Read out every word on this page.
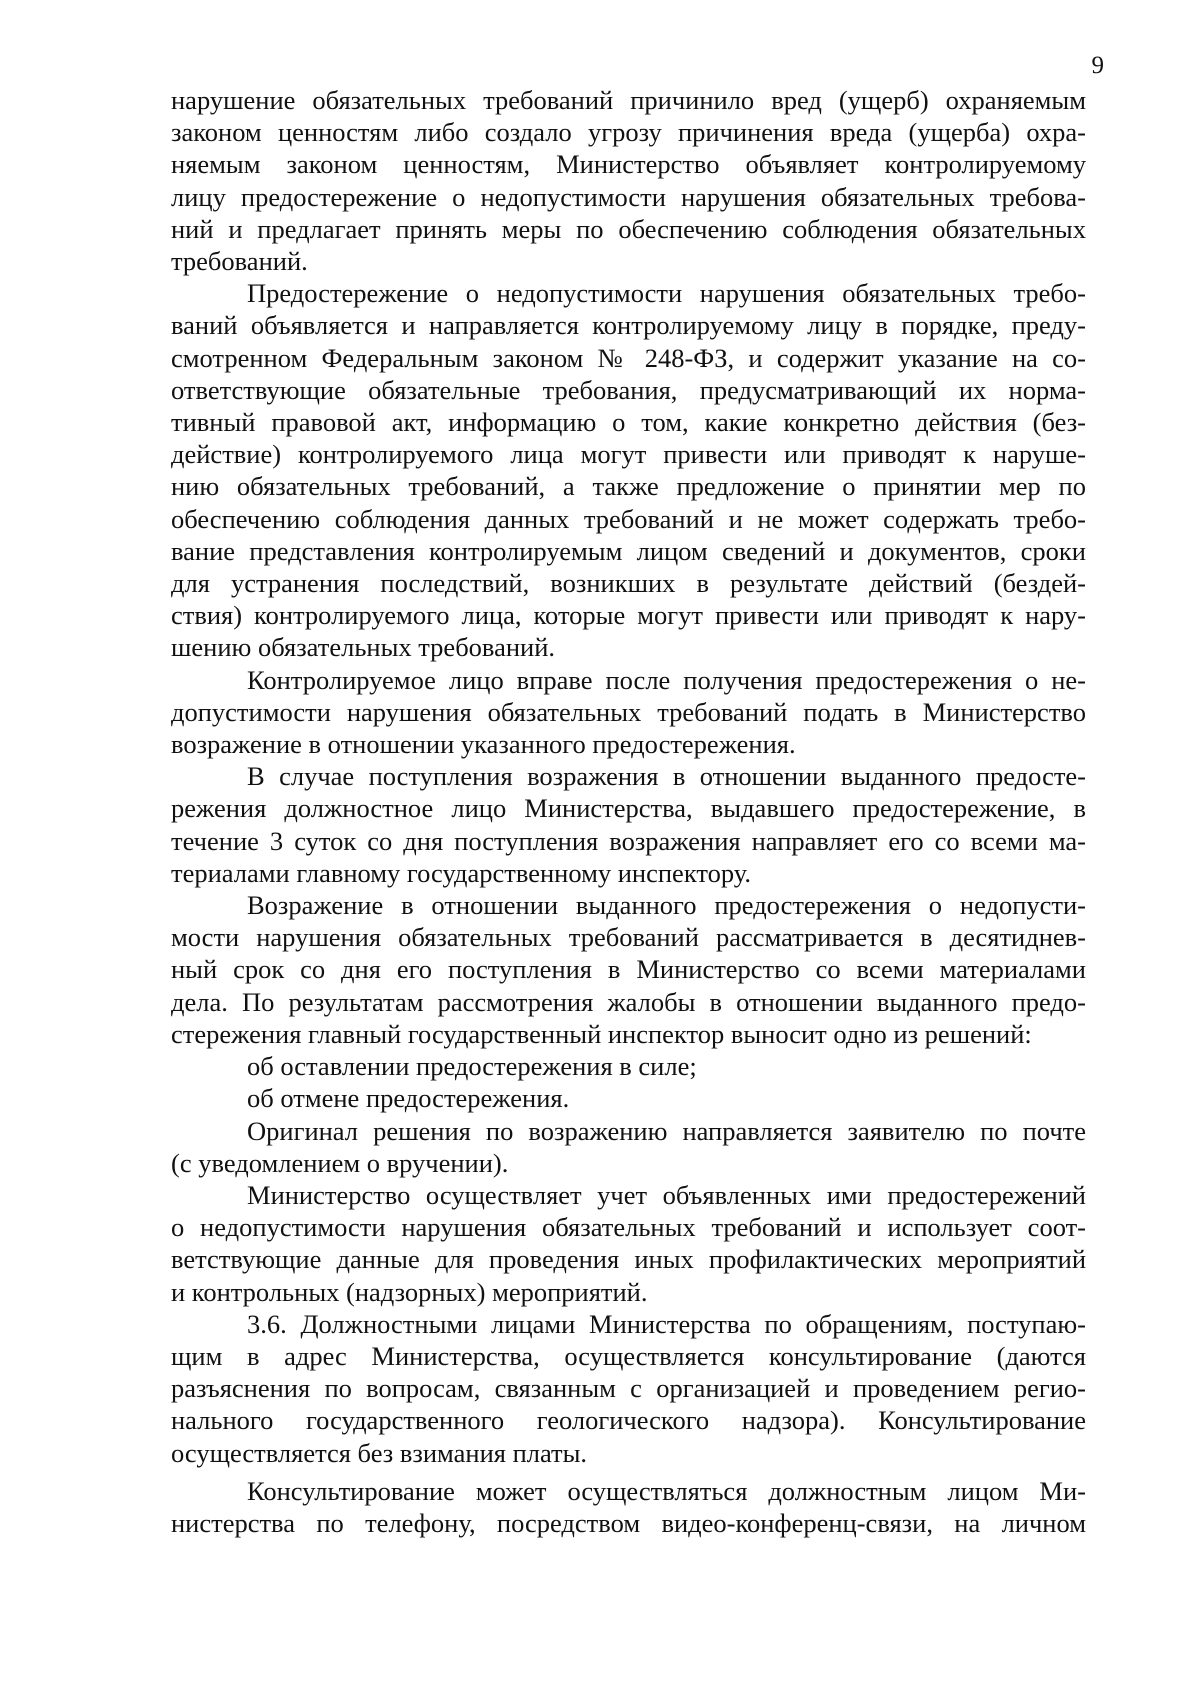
9
нарушение обязательных требований причинило вред (ущерб) охраняемым
законом ценностям либо создало угрозу причинения вреда (ущерба) охра-
няемым законом ценностям, Министерство объявляет контролируемому
лицу предостережение о недопустимости нарушения обязательных требова-
ний и предлагает принять меры по обеспечению соблюдения обязательных
требований.
Предостережение о недопустимости нарушения обязательных требо-
ваний объявляется и направляется контролируемому лицу в порядке, преду-
смотренном Федеральным законом № 248-ФЗ, и содержит указание на со-
ответствующие обязательные требования, предусматривающий их норма-
тивный правовой акт, информацию о том, какие конкретно действия (без-
действие) контролируемого лица могут привести или приводят к наруше-
нию обязательных требований, а также предложение о принятии мер по
обеспечению соблюдения данных требований и не может содержать требо-
вание представления контролируемым лицом сведений и документов, сроки
для устранения последствий, возникших в результате действий (бездей-
ствия) контролируемого лица, которые могут привести или приводят к нару-
шению обязательных требований.
Контролируемое лицо вправе после получения предостережения о не-
допустимости нарушения обязательных требований подать в Министерство
возражение в отношении указанного предостережения.
В случае поступления возражения в отношении выданного предосте-
режения должностное лицо Министерства, выдавшего предостережение, в
течение 3 суток со дня поступления возражения направляет его со всеми ма-
териалами главному государственному инспектору.
Возражение в отношении выданного предостережения о недопусти-
мости нарушения обязательных требований рассматривается в десятиднев-
ный срок со дня его поступления в Министерство со всеми материалами
дела. По результатам рассмотрения жалобы в отношении выданного предо-
стережения главный государственный инспектор выносит одно из решений:
об оставлении предостережения в силе;
об отмене предостережения.
Оригинал решения по возражению направляется заявителю по почте
(с уведомлением о вручении).
Министерство осуществляет учет объявленных ими предостережений
о недопустимости нарушения обязательных требований и использует соот-
ветствующие данные для проведения иных профилактических мероприятий
и контрольных (надзорных) мероприятий.
3.6. Должностными лицами Министерства по обращениям, поступаю-
щим в адрес Министерства, осуществляется консультирование (даются
разъяснения по вопросам, связанным с организацией и проведением регио-
нального государственного геологического надзора). Консультирование
осуществляется без взимания платы.
Консультирование может осуществляться должностным лицом Ми-
нистерства по телефону, посредством видео-конференц-связи, на личном
